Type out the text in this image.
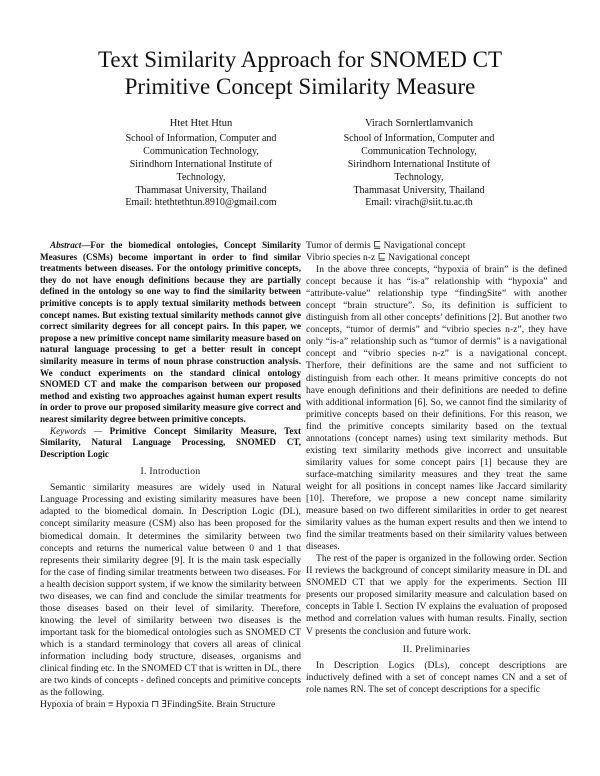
Text Similarity Approach for SNOMED CT
Primitive Concept Similarity Measure
Htet Htet Htun
School of Information, Computer and
Communication Technology,
Sirindhorn International Institute of
Technology,
Thammasat University, Thailand
Email: htethtethtun.8910@gmail.com
Virach Sornlertlamvanich
School of Information, Computer and
Communication Technology,
Sirindhorn International Institute of
Technology,
Thammasat University, Thailand
Email: virach@siit.tu.ac.th

Abstract—For the biomedical ontologies, Concept Similarity Measures (CSMs) become important in order to find similar treatments between diseases. For the ontology primitive concepts, they do not have enough definitions because they are partially defined in the ontology so one way to find the similarity between primitive concepts is to apply textual similarity methods between concept names. But existing textual similarity methods cannot give correct similarity degrees for all concept pairs. In this paper, we propose a new primitive concept name similarity measure based on natural language processing to get a better result in concept similarity measure in terms of noun phrase construction analysis. We conduct experiments on the standard clinical ontology SNOMED CT and make the comparison between our proposed method and existing two approaches against human expert results in order to prove our proposed similarity measure give correct and nearest similarity degree between primitive concepts.

Keywords — Primitive Concept Similarity Measure, Text Similarity, Natural Language Processing, SNOMED CT, Description Logic

I. Introduction

Semantic similarity measures are widely used in Natural Language Processing and existing similarity measures have been adapted to the biomedical domain. In Description Logic (DL), concept similarity measure (CSM) also has been proposed for the biomedical domain. It determines the similarity between two concepts and returns the numerical value between 0 and 1 that represents their similarity degree [9]. It is the main task especially for the case of finding similar treatments between two diseases. For a health decision support system, if we know the similarity between two diseases, we can find and conclude the similar treatments for those diseases based on their level of similarity. Therefore, knowing the level of similarity between two diseases is the important task for the biomedical ontologies such as SNOMED CT which is a standard terminology that covers all areas of clinical information including body structure, diseases, organisms and clinical finding etc. In the SNOMED CT that is written in DL, there are two kinds of concepts - defined concepts and primitive concepts as the following.

Hypoxia of brain ≡ Hypoxia ⊓ ∃FindingSite. Brain Structure

Tumor of dermis ⊑ Navigational concept

Vibrio species n-z ⊑ Navigational concept

In the above three concepts, “hypoxia of brain” is the defined concept because it has “is-a” relationship with “hypoxia” and “attribute-value” relationship type “findingSite” with another concept “brain structure”. So, its definition is sufficient to distinguish from all other concepts’ definitions [2]. But another two concepts, “tumor of dermis” and “vibrio species n-z”, they have only “is-a” relationship such as “tumor of dermis” is a navigational concept and “vibrio species n-z” is a navigational concept. Therfore, their definitions are the same and not sufficient to distinguish from each other. It means primitive concepts do not have enough definitions and their definitions are needed to define with additional information [6]. So, we cannot find the similarity of primitive concepts based on their definitions. For this reason, we find the primitive concepts similarity based on the textual annotations (concept names) using text similarity methods. But existing text similarity methods give incorrect and unsuitable similarity values for some concept pairs [1] because they are surface-matching similarity measures and they treat the same weight for all positions in concept names like Jaccard similarity [10]. Therefore, we propose a new concept name similarity measure based on two different similarities in order to get nearest similarity values as the human expert results and then we intend to find the similar treatments based on their similarity values between diseases.

The rest of the paper is organized in the following order. Section II reviews the background of concept similarity measure in DL and SNOMED CT that we apply for the experiments. Section III presents our proposed similarity measure and calculation based on concepts in Table I. Section IV explains the evaluation of proposed method and correlation values with human results. Finally, section V presents the conclusion and future work.

II. Preliminaries

In Description Logics (DLs), concept descriptions are inductively defined with a set of concept names CN and a set of role names RN. The set of concept descriptions for a specific
